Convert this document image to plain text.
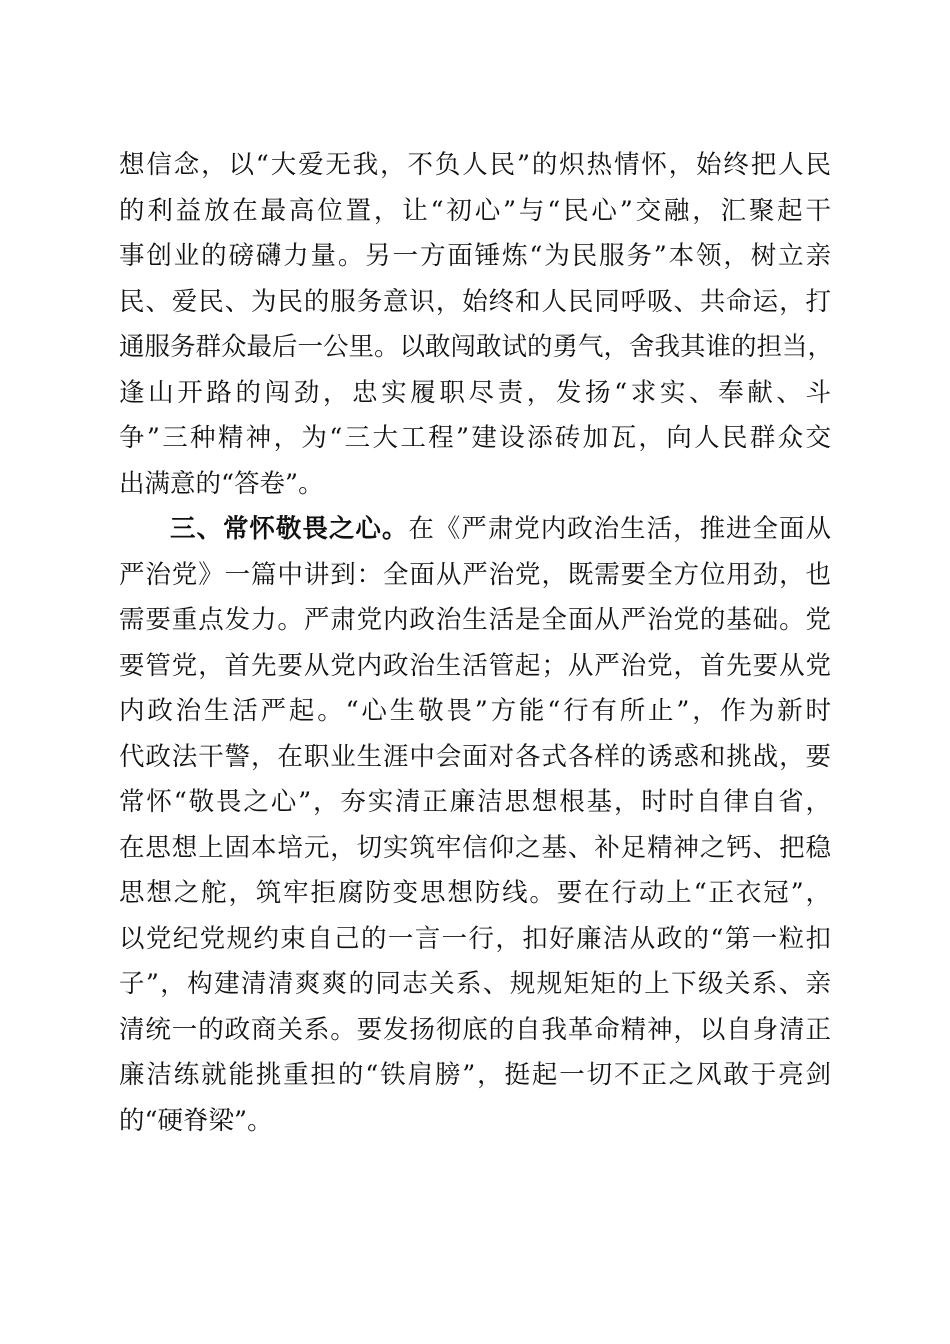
想信念，以“大爱无我，不负人民”的炽热情怀，始终把人民
的利益放在最高位置，让“初心”与“民心”交融，汇聚起干
事创业的磅礴力量。另一方面锤炼“为民服务”本领，树立亲
民、爱民、为民的服务意识，始终和人民同呼吸、共命运，打
通服务群众最后一公里。以敢闯敢试的勇气，舍我其谁的担当，
逢山开路的闯劲，忠实履职尽责，发扬“求实、奉献、斗
争”三种精神，为“三大工程”建设添砖加瓦，向人民群众交
出满意的“答卷”。
三、常怀敬畏之心。在《严肃党内政治生活，推进全面从
严治党》一篇中讲到：全面从严治党，既需要全方位用劲，也
需要重点发力。严肃党内政治生活是全面从严治党的基础。党
要管党，首先要从党内政治生活管起；从严治党，首先要从党
内政治生活严起。“心生敬畏”方能“行有所止”，作为新时
代政法干警，在职业生涯中会面对各式各样的诱惑和挑战，要
常怀“敬畏之心”，夯实清正廉洁思想根基，时时自律自省，
在思想上固本培元，切实筑牢信仰之基、补足精神之钙、把稳
思想之舵，筑牢拒腐防变思想防线。要在行动上“正衣冠”，
以党纪党规约束自己的一言一行，扣好廉洁从政的“第一粒扣
子”，构建清清爽爽的同志关系、规规矩矩的上下级关系、亲
清统一的政商关系。要发扬彻底的自我革命精神，以自身清正
廉洁练就能挑重担的“铁肩膀”，挺起一切不正之风敢于亮剑
的“硬脊梁”。
